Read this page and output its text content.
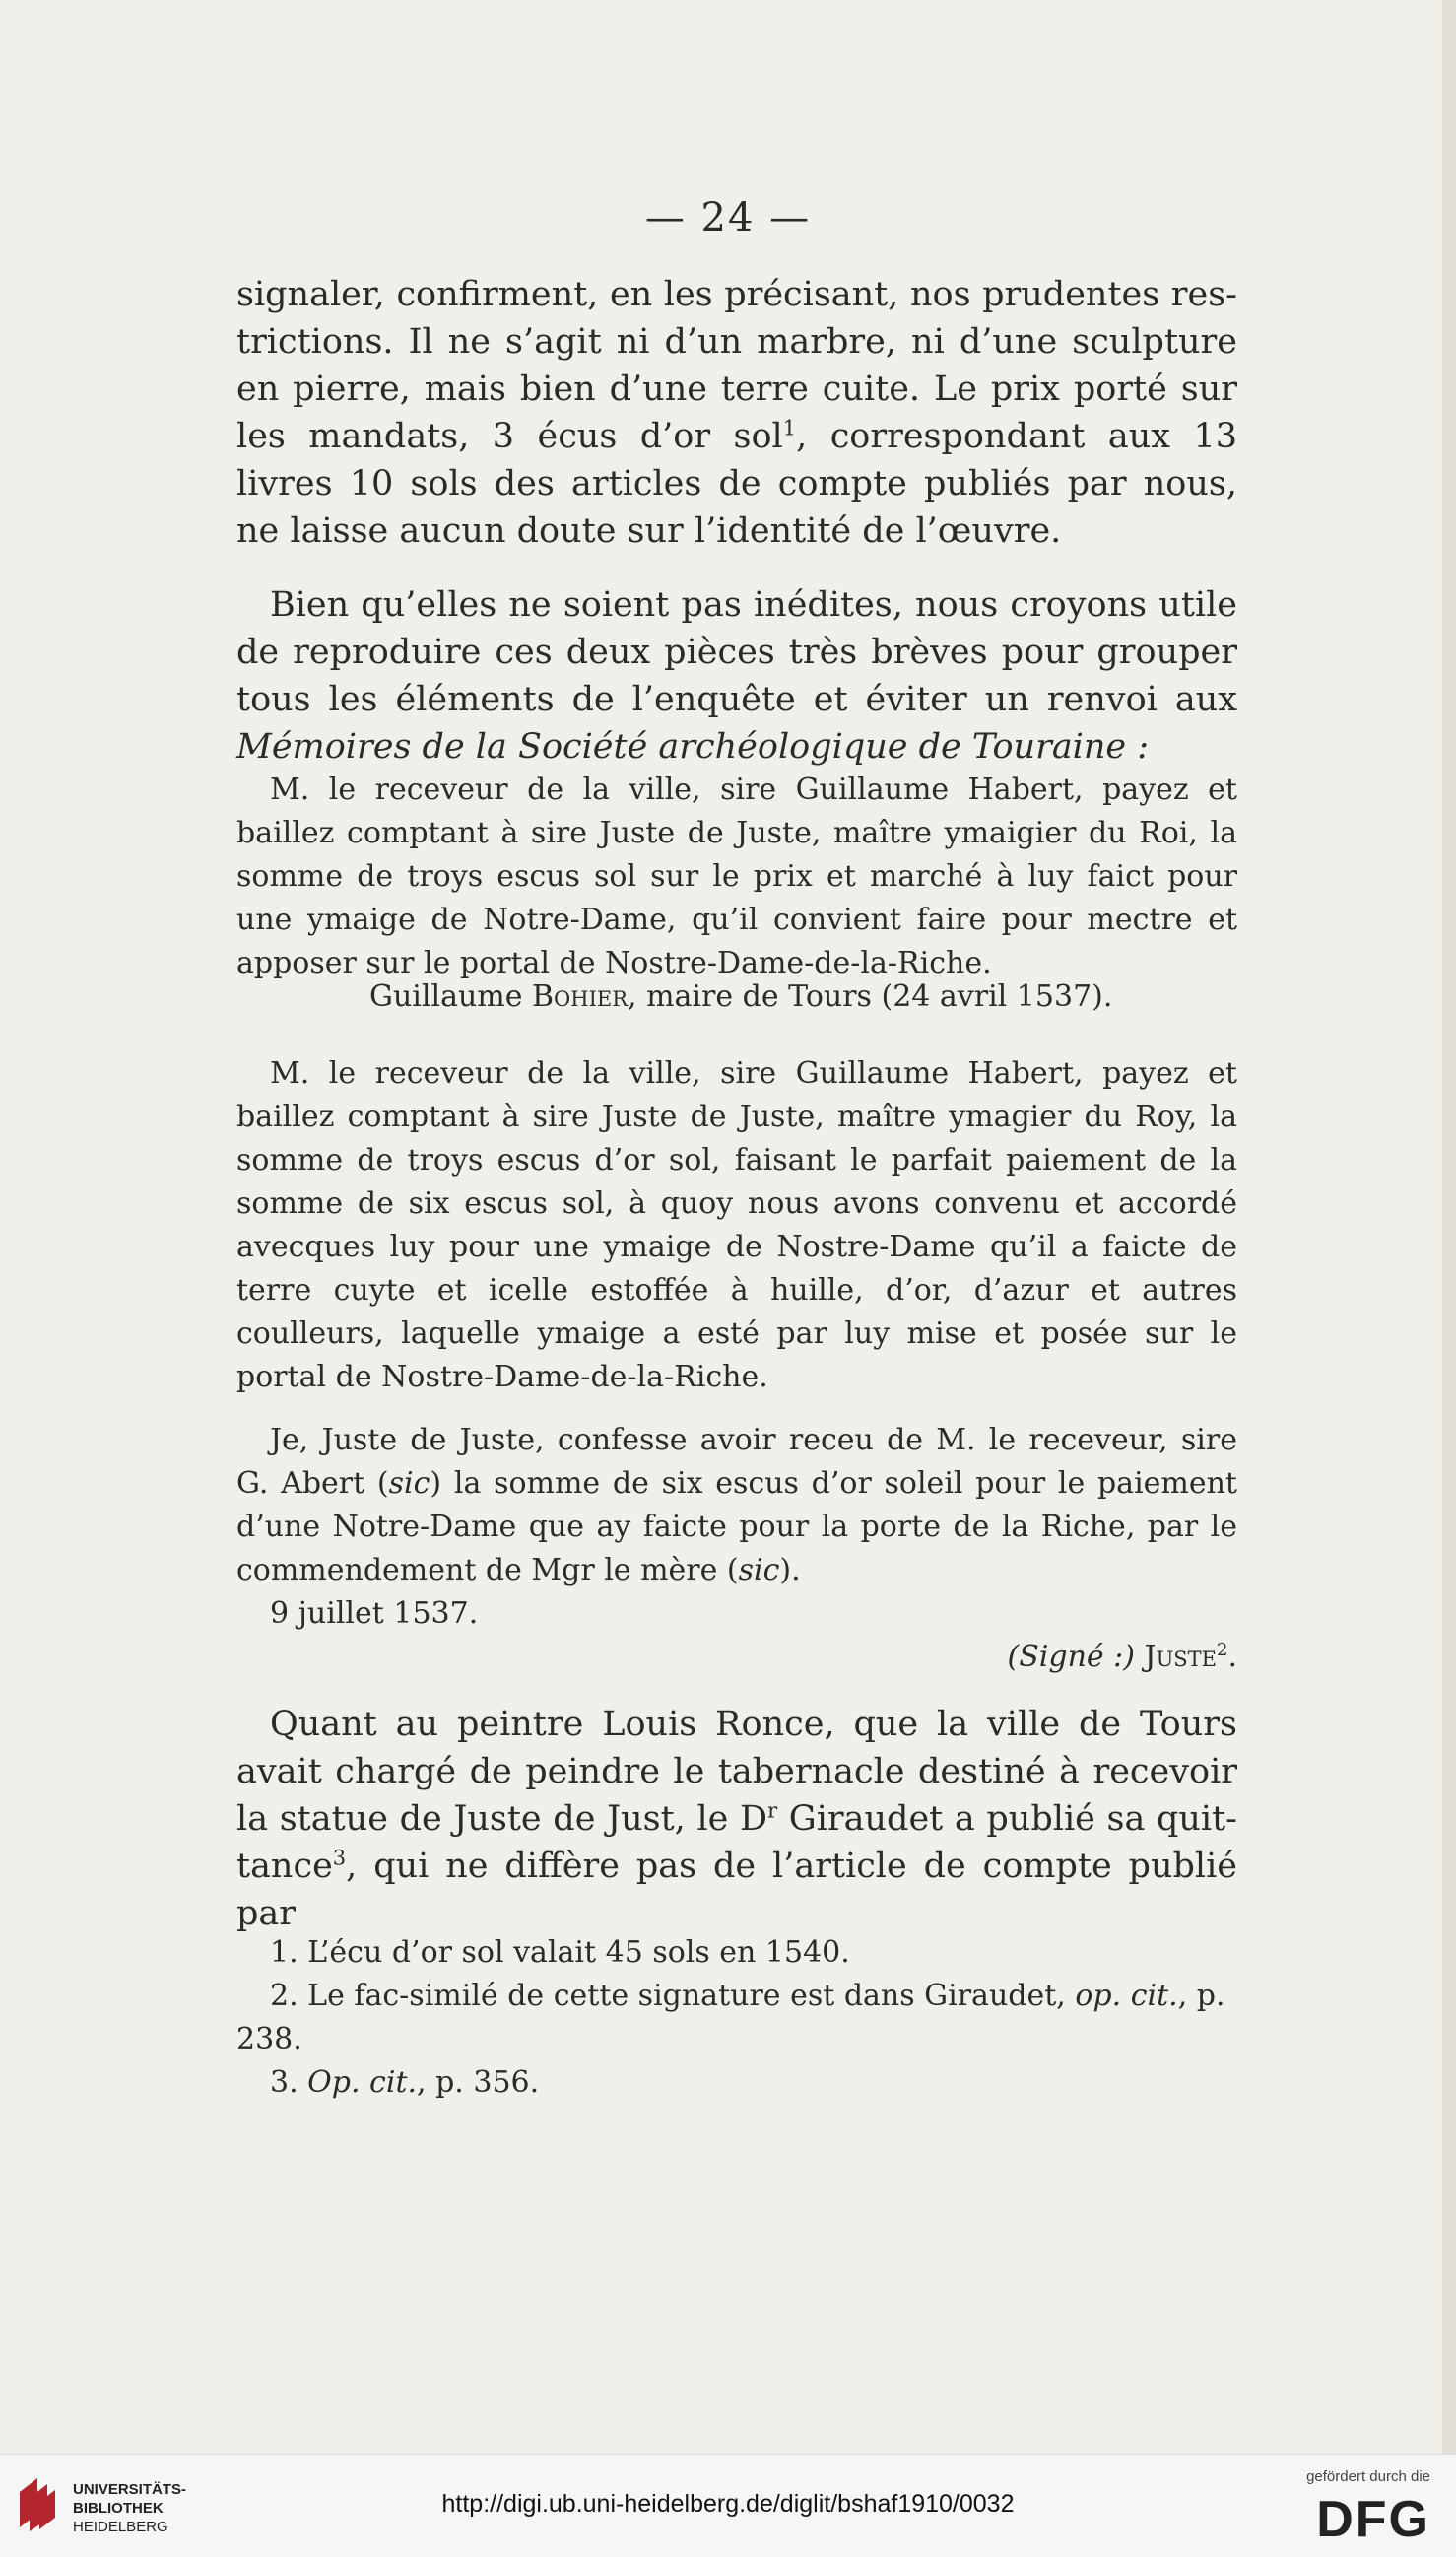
— 24 —

signaler, confirment, en les précisant, nos prudentes res-trictions. Il ne s’agit ni d’un marbre, ni d’une sculpture en pierre, mais bien d’une terre cuite. Le prix porté sur les mandats, 3 écus d’or sol$^1$, correspondant aux 13 livres 10 sols des articles de compte publiés par nous, ne laisse aucun doute sur l’identité de l’œuvre.

Bien qu’elles ne soient pas inédites, nous croyons utile de reproduire ces deux pièces très brèves pour grouper tous les éléments de l’enquête et éviter un renvoi aux Mémoires de la Société archéologique de Touraine :

M. le receveur de la ville, sire Guillaume Habert, payez et baillez comptant à sire Juste de Juste, maître ymaigier du Roi, la somme de troys escus sol sur le prix et marché à luy faict pour une ymaige de Notre-Dame, qu’il convient faire pour mectre et apposer sur le portal de Nostre-Dame-de-la-Riche.

Guillaume Bohier, maire de Tours (24 avril 1537).

M. le receveur de la ville, sire Guillaume Habert, payez et baillez comptant à sire Juste de Juste, maître ymagier du Roy, la somme de troys escus d’or sol, faisant le parfait paiement de la somme de six escus sol, à quoy nous avons convenu et accordé avecques luy pour une ymaige de Nostre-Dame qu’il a faicte de terre cuyte et icelle estoffée à huille, d’or, d’azur et autres coulleurs, laquelle ymaige a esté par luy mise et posée sur le portal de Nostre-Dame-de-la-Riche.

Je, Juste de Juste, confesse avoir receu de M. le receveur, sire G. Abert (sic) la somme de six escus d’or soleil pour le paiement d’une Notre-Dame que ay faicte pour la porte de la Riche, par le commendement de Mgr le mère (sic).

9 juillet 1537.

(Signé :) Juste$^2$.

Quant au peintre Louis Ronce, que la ville de Tours avait chargé de peindre le tabernacle destiné à recevoir la statue de Juste de Just, le $D^r$ Giraudet a publié sa quit-tance$^3$, qui ne diffère pas de l’article de compte publié par

1. L’écu d’or sol valait 45 sols en 1540.

2. Le fac-similé de cette signature est dans Giraudet, op. cit., p. 238.

3. Op. cit., p. 356.

UNIVERSITÄTS-
BIBLIOTHEK
HEIDELBERG
http://digi.ub.uni-heidelberg.de/diglit/bshaf1910/0032
gefördert durch die
DFG
